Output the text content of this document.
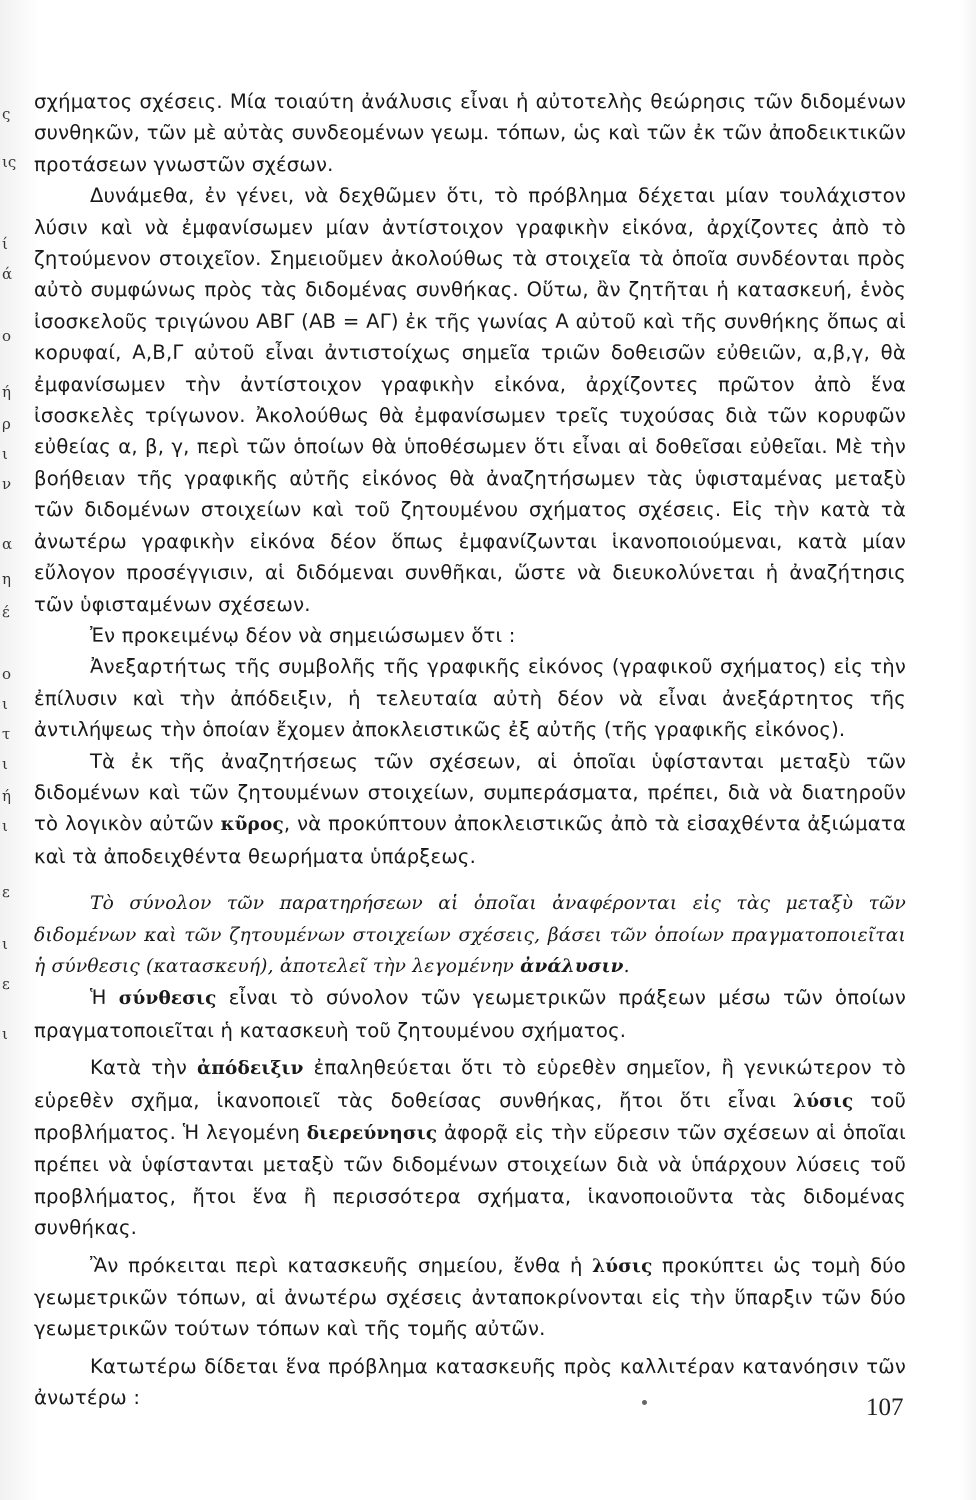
ς
ις
ί
ά
ο
ή
ρ
ι
ν
α
η
έ
ο
ι
τ
ι
ή
ι
ε
ι
ε
ι

σχήματος σχέσεις. Μία τοιαύτη ἀνάλυσις εἶναι ἡ αὐτοτελὴς θεώρησις τῶν διδομένων συνθηκῶν, τῶν μὲ αὐτὰς συνδεομένων γεωμ. τόπων, ὡς καὶ τῶν ἐκ τῶν ἀποδεικτικῶν προτάσεων γνωστῶν σχέσων.

Δυνάμεθα, ἐν γένει, νὰ δεχθῶμεν ὅτι, τὸ πρόβλημα δέχεται μίαν τουλάχιστον λύσιν καὶ νὰ ἐμφανίσωμεν μίαν ἀντίστοιχον γραφικὴν εἰκόνα, ἀρχίζοντες ἀπὸ τὸ ζητούμενον στοιχεῖον. Σημειοῦμεν ἀκολούθως τὰ στοιχεῖα τὰ ὁποῖα συνδέονται πρὸς αὐτὸ συμφώνως πρὸς τὰς διδομένας συνθήκας. Οὕτω, ἂν ζητῆται ἡ κατασκευή, ἑνὸς ἰσοσκελοῦς τριγώνου ΑΒΓ (ΑΒ = ΑΓ) ἐκ τῆς γωνίας Α αὐτοῦ καὶ τῆς συνθήκης ὅπως αἱ κορυφαί, Α,Β,Γ αὐτοῦ εἶναι ἀντιστοίχως σημεῖα τριῶν δοθεισῶν εὐθειῶν, α,β,γ, θὰ ἐμφανίσωμεν τὴν ἀντίστοιχον γραφικὴν εἰκόνα, ἀρχίζοντες πρῶτον ἀπὸ ἕνα ἰσοσκελὲς τρίγωνον. Ἀκολούθως θὰ ἐμφανίσωμεν τρεῖς τυχούσας διὰ τῶν κορυφῶν εὐθείας α, β, γ, περὶ τῶν ὁποίων θὰ ὑποθέσωμεν ὅτι εἶναι αἱ δοθεῖσαι εὐθεῖαι. Μὲ τὴν βοήθειαν τῆς γραφικῆς αὐτῆς εἰκόνος θὰ ἀναζητήσωμεν τὰς ὑφισταμένας μεταξὺ τῶν διδομένων στοιχείων καὶ τοῦ ζητουμένου σχήματος σχέσεις. Εἰς τὴν κατὰ τὰ ἀνωτέρω γραφικὴν εἰκόνα δέον ὅπως ἐμφανίζωνται ἱκανοποιούμεναι, κατὰ μίαν εὔλογον προσέγγισιν, αἱ διδόμεναι συνθῆκαι, ὥστε νὰ διευκολύνεται ἡ ἀναζήτησις τῶν ὑφισταμένων σχέσεων.

Ἐν προκειμένῳ δέον νὰ σημειώσωμεν ὅτι :

Ἀνεξαρτήτως τῆς συμβολῆς τῆς γραφικῆς εἰκόνος (γραφικοῦ σχήματος) εἰς τὴν ἐπίλυσιν καὶ τὴν ἀπόδειξιν, ἡ τελευταία αὐτὴ δέον νὰ εἶναι ἀνεξάρτητος τῆς ἀντιλήψεως τὴν ὁποίαν ἔχομεν ἀποκλειστικῶς ἐξ αὐτῆς (τῆς γραφικῆς εἰκόνος).

Τὰ ἐκ τῆς ἀναζητήσεως τῶν σχέσεων, αἱ ὁποῖαι ὑφίστανται μεταξὺ τῶν διδομένων καὶ τῶν ζητουμένων στοιχείων, συμπεράσματα, πρέπει, διὰ νὰ διατηροῦν τὸ λογικὸν αὐτῶν κῦρος, νὰ προκύπτουν ἀποκλειστικῶς ἀπὸ τὰ εἰσαχθέντα ἀξιώματα καὶ τὰ ἀποδειχθέντα θεωρήματα ὑπάρξεως.

Τὸ σύνολον τῶν παρατηρήσεων αἱ ὁποῖαι ἀναφέρονται εἰς τὰς μεταξὺ τῶν διδομένων καὶ τῶν ζητουμένων στοιχείων σχέσεις, βάσει τῶν ὁποίων πραγματοποιεῖται ἡ σύνθεσις (κατασκευή), ἀποτελεῖ τὴν λεγομένην ἀνάλυσιν.

Ἡ σύνθεσις εἶναι τὸ σύνολον τῶν γεωμετρικῶν πράξεων μέσω τῶν ὁποίων πραγματοποιεῖται ἡ κατασκευὴ τοῦ ζητουμένου σχήματος.

Κατὰ τὴν ἀπόδειξιν ἐπαληθεύεται ὅτι τὸ εὑρεθὲν σημεῖον, ἢ γενικώτερον τὸ εὑρεθὲν σχῆμα, ἱκανοποιεῖ τὰς δοθείσας συνθήκας, ἤτοι ὅτι εἶναι λύσις τοῦ προβλήματος. Ἡ λεγομένη διερεύνησις ἀφορᾷ εἰς τὴν εὕρεσιν τῶν σχέσεων αἱ ὁποῖαι πρέπει νὰ ὑφίστανται μεταξὺ τῶν διδομένων στοιχείων διὰ νὰ ὑπάρχουν λύσεις τοῦ προβλήματος, ἤτοι ἕνα ἢ περισσότερα σχήματα, ἱκανοποιοῦντα τὰς διδομένας συνθήκας.

Ἂν πρόκειται περὶ κατασκευῆς σημείου, ἔνθα ἡ λύσις προκύπτει ὡς τομὴ δύο γεωμετρικῶν τόπων, αἱ ἀνωτέρω σχέσεις ἀνταποκρίνονται εἰς τὴν ὕπαρξιν τῶν δύο γεωμετρικῶν τούτων τόπων καὶ τῆς τομῆς αὐτῶν.

Κατωτέρω δίδεται ἕνα πρόβλημα κατασκευῆς πρὸς καλλιτέραν κατανόησιν τῶν ἀνωτέρω :	107
